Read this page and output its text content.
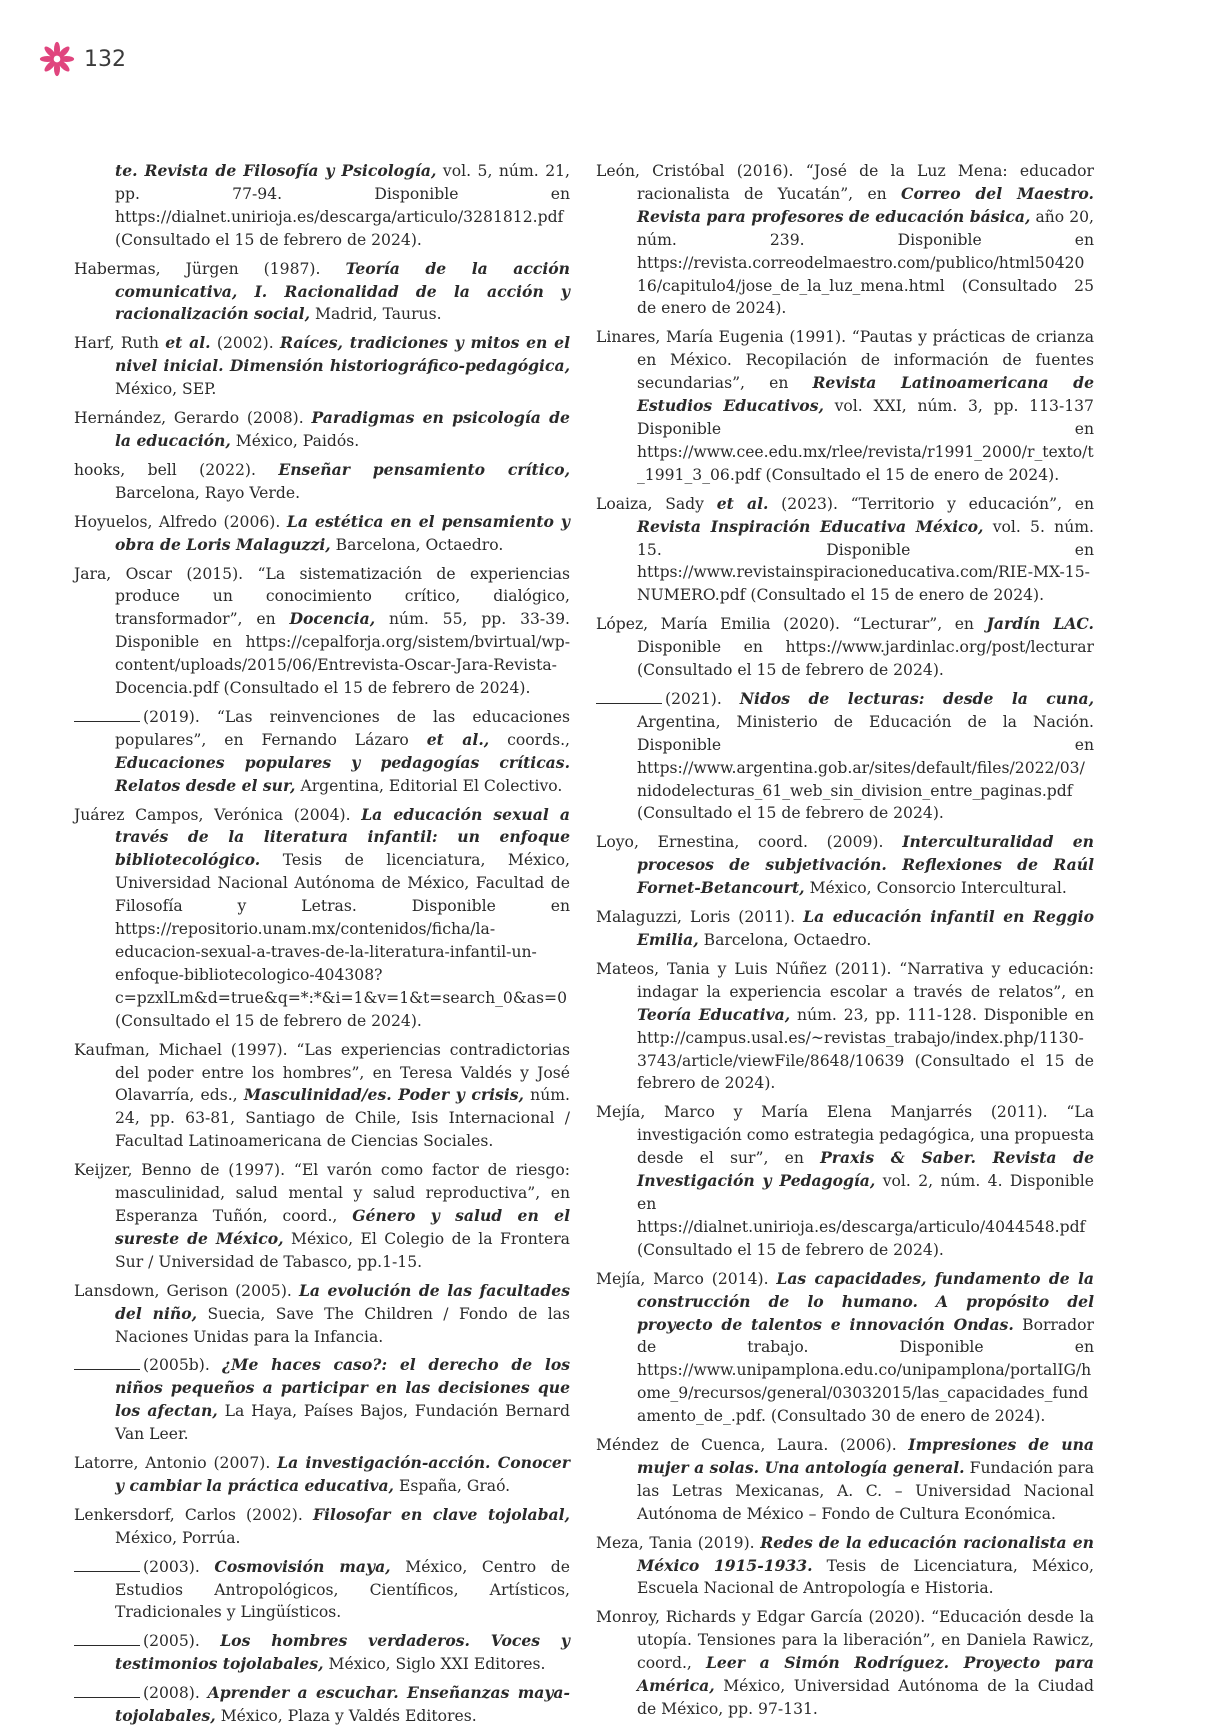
132
te. Revista de Filosofía y Psicología, vol. 5, núm. 21, pp. 77-94. Disponible en https://dialnet.unirioja.es/descarga/articulo/3281812.pdf (Consultado el 15 de febrero de 2024).
Habermas, Jürgen (1987). Teoría de la acción comunicativa, I. Racionalidad de la acción y racionalización social, Madrid, Taurus.
Harf, Ruth et al. (2002). Raíces, tradiciones y mitos en el nivel inicial. Dimensión historiográfico-pedagógica, México, SEP.
Hernández, Gerardo (2008). Paradigmas en psicología de la educación, México, Paidós.
hooks, bell (2022). Enseñar pensamiento crítico, Barcelona, Rayo Verde.
Hoyuelos, Alfredo (2006). La estética en el pensamiento y obra de Loris Malaguzzi, Barcelona, Octaedro.
Jara, Oscar (2015). “La sistematización de experiencias produce un conocimiento crítico, dialógico, transformador”, en Docencia, núm. 55, pp. 33-39. Disponible en https://cepalforja.org/sistem/bvirtual/wp-content/uploads/2015/06/Entrevista-Oscar-Jara-Revista-Docencia.pdf (Consultado el 15 de febrero de 2024).
(2019). “Las reinvenciones de las educaciones populares”, en Fernando Lázaro et al., coords., Educaciones populares y pedagogías críticas. Relatos desde el sur, Argentina, Editorial El Colectivo.
Juárez Campos, Verónica (2004). La educación sexual a través de la literatura infantil: un enfoque bibliotecológico. Tesis de licenciatura, México, Universidad Nacional Autónoma de México, Facultad de Filosofía y Letras. Disponible en https://repositorio.unam.mx/contenidos/ficha/la-educacion-sexual-a-traves-de-la-literatura-infantil-un-enfoque-bibliotecologico-404308?c=pzxlLm&d=true&q=*:*&i=1&v=1&t=search_0&as=0 (Consultado el 15 de febrero de 2024).
Kaufman, Michael (1997). “Las experiencias contradictorias del poder entre los hombres”, en Teresa Valdés y José Olavarría, eds., Masculinidad/es. Poder y crisis, núm. 24, pp. 63-81, Santiago de Chile, Isis Internacional / Facultad Latinoamericana de Ciencias Sociales.
Keijzer, Benno de (1997). “El varón como factor de riesgo: masculinidad, salud mental y salud reproductiva”, en Esperanza Tuñón, coord., Género y salud en el sureste de México, México, El Colegio de la Frontera Sur / Universidad de Tabasco, pp.1-15.
Lansdown, Gerison (2005). La evolución de las facultades del niño, Suecia, Save The Children / Fondo de las Naciones Unidas para la Infancia.
(2005b). ¿Me haces caso?: el derecho de los niños pequeños a participar en las decisiones que los afectan, La Haya, Países Bajos, Fundación Bernard Van Leer.
Latorre, Antonio (2007). La investigación-acción. Conocer y cambiar la práctica educativa, España, Graó.
Lenkersdorf, Carlos (2002). Filosofar en clave tojolabal, México, Porrúa.
(2003). Cosmovisión maya, México, Centro de Estudios Antropológicos, Científicos, Artísticos, Tradicionales y Lingüísticos.
(2005). Los hombres verdaderos. Voces y testimonios tojolabales, México, Siglo XXI Editores.
(2008). Aprender a escuchar. Enseñanzas maya-tojolabales, México, Plaza y Valdés Editores.
León, Cristóbal (2016). “José de la Luz Mena: educador racionalista de Yucatán”, en Correo del Maestro. Revista para profesores de educación básica, año 20, núm. 239. Disponible en https://revista.correodelmaestro.com/publico/html5042016/capitulo4/jose_de_la_luz_mena.html (Consultado 25 de enero de 2024).
Linares, María Eugenia (1991). “Pautas y prácticas de crianza en México. Recopilación de información de fuentes secundarias”, en Revista Latinoamericana de Estudios Educativos, vol. XXI, núm. 3, pp. 113-137 Disponible en https://www.cee.edu.mx/rlee/revista/r1991_2000/r_texto/t_1991_3_06.pdf (Consultado el 15 de enero de 2024).
Loaiza, Sady et al. (2023). “Territorio y educación”, en Revista Inspiración Educativa México, vol. 5. núm. 15. Disponible en https://www.revistainspiracioneducativa.com/RIE-MX-15-NUMERO.pdf (Consultado el 15 de enero de 2024).
López, María Emilia (2020). “Lecturar”, en Jardín LAC. Disponible en https://www.jardinlac.org/post/lecturar (Consultado el 15 de febrero de 2024).
(2021). Nidos de lecturas: desde la cuna, Argentina, Ministerio de Educación de la Nación. Disponible en https://www.argentina.gob.ar/sites/default/files/2022/03/nidodelecturas_61_web_sin_division_entre_paginas.pdf (Consultado el 15 de febrero de 2024).
Loyo, Ernestina, coord. (2009). Interculturalidad en procesos de subjetivación. Reflexiones de Raúl Fornet-Betancourt, México, Consorcio Intercultural.
Malaguzzi, Loris (2011). La educación infantil en Reggio Emilia, Barcelona, Octaedro.
Mateos, Tania y Luis Núñez (2011). “Narrativa y educación: indagar la experiencia escolar a través de relatos”, en Teoría Educativa, núm. 23, pp. 111-128. Disponible en http://campus.usal.es/~revistas_trabajo/index.php/1130-3743/article/viewFile/8648/10639 (Consultado el 15 de febrero de 2024).
Mejía, Marco y María Elena Manjarrés (2011). “La investigación como estrategia pedagógica, una propuesta desde el sur”, en Praxis & Saber. Revista de Investigación y Pedagogía, vol. 2, núm. 4. Disponible en https://dialnet.unirioja.es/descarga/articulo/4044548.pdf (Consultado el 15 de febrero de 2024).
Mejía, Marco (2014). Las capacidades, fundamento de la construcción de lo humano. A propósito del proyecto de talentos e innovación Ondas. Borrador de trabajo. Disponible en https://www.unipamplona.edu.co/unipamplona/portalIG/home_9/recursos/general/03032015/las_capacidades_fundamento_de_.pdf. (Consultado 30 de enero de 2024).
Méndez de Cuenca, Laura. (2006). Impresiones de una mujer a solas. Una antología general. Fundación para las Letras Mexicanas, A. C. – Universidad Nacional Autónoma de México – Fondo de Cultura Económica.
Meza, Tania (2019). Redes de la educación racionalista en México 1915-1933. Tesis de Licenciatura, México, Escuela Nacional de Antropología e Historia.
Monroy, Richards y Edgar García (2020). “Educación desde la utopía. Tensiones para la liberación”, en Daniela Rawicz, coord., Leer a Simón Rodríguez. Proyecto para América, México, Universidad Autónoma de la Ciudad de México, pp. 97-131.
